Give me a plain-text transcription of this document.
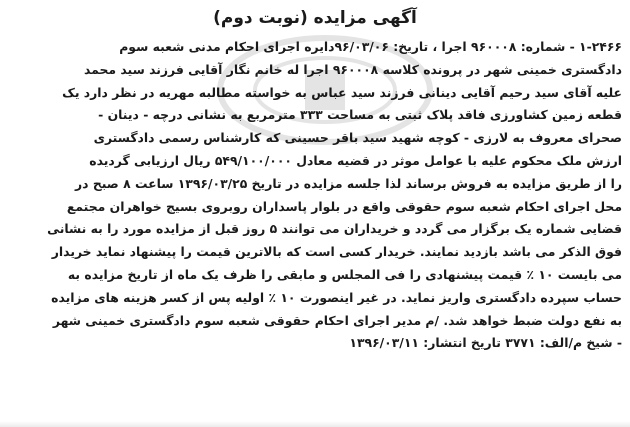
آگهی مزایده (نوبت دوم)
۱-۲۴۶۶ - شماره: ۹۶۰۰۰۸ اجرا ، تاریخ: ۹۶/۰۳/۰۶دایره اجرای احکام مدنی شعبه سوم
دادگستری خمینی شهر در پرونده کلاسه ۹۶۰۰۰۸ اجرا له خانم نگار آقایی فرزند سید محمد
علیه آقای سید رحیم آقایی دینانی فرزند سید عباس به خواسته مطالبه مهریه در نظر دارد یک
قطعه زمین کشاورزی فاقد پلاک ثبتی به مساحت ۳۳۳ مترمربع به نشانی درچه - دینان -
صحرای معروف به لارزی - کوچه شهید سید باقر حسینی که کارشناس رسمی دادگستری
ارزش ملک محکوم علیه با عوامل موثر در قضیه معادل ۵۴۹/۱۰۰/۰۰۰ ریال ارزیابی گردیده
را از طریق مزایده به فروش برساند لذا جلسه مزایده در تاریخ ۱۳۹۶/۰۳/۲۵ ساعت ۸ صبح در
محل اجرای احکام شعبه سوم حقوقی واقع در بلوار پاسداران روبروی بسیج خواهران مجتمع
قضایی شماره یک برگزار می گردد و خریداران می توانند ۵ روز قبل از مزایده مورد را به نشانی
فوق الذکر می باشد بازدید نمایند. خریدار کسی است که بالاترین قیمت را پیشنهاد نماید خریدار
می بایست ۱۰ ٪ قیمت پیشنهادی را فی المجلس و مابقی را ظرف یک ماه از تاریخ مزایده به
حساب سپرده دادگستری واریز نماید. در غیر اینصورت ۱۰ ٪ اولیه پس از کسر هزینه های مزایده
به نفع دولت ضبط خواهد شد. /م مدیر اجرای احکام حقوقی شعبه سوم دادگستری خمینی شهر
- شیخ م/الف: ۳۷۷۱ تاریخ انتشار: ۱۳۹۶/۰۳/۱۱
